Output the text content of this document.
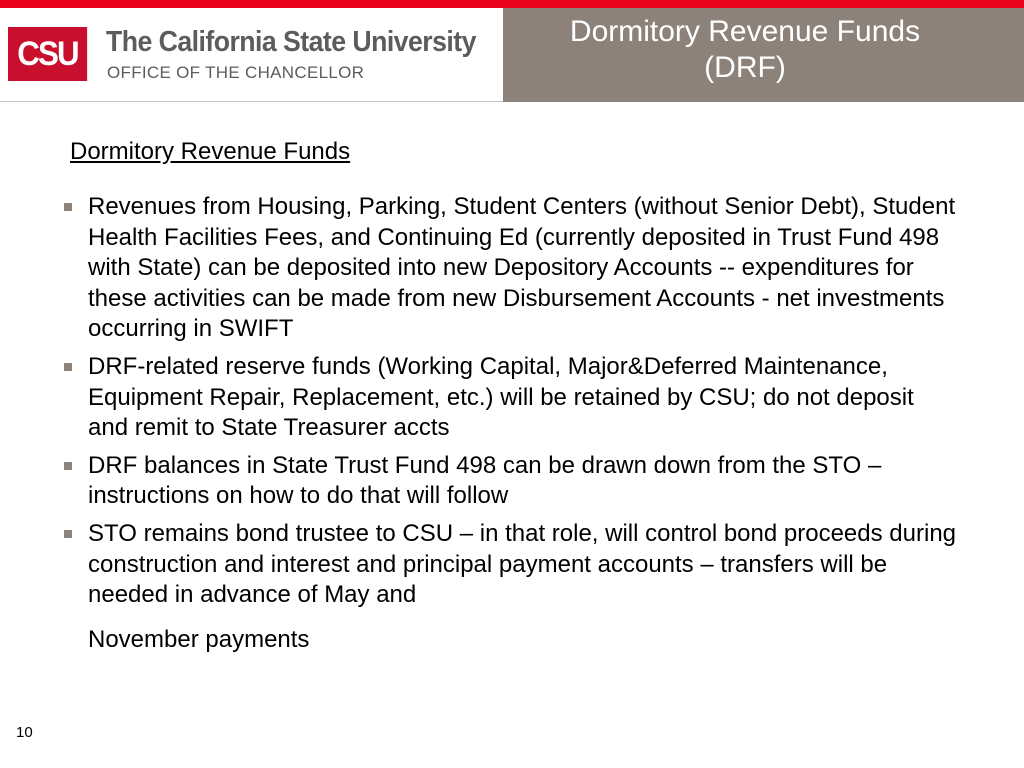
CSU The California State University
OFFICE OF THE CHANCELLOR
Dormitory Revenue Funds
(DRF)
Dormitory Revenue Funds
Revenues from Housing, Parking, Student Centers (without Senior Debt), Student Health Facilities Fees, and Continuing Ed (currently deposited in Trust Fund 498 with State) can be deposited into new Depository Accounts -- expenditures for these activities can be made from new Disbursement Accounts - net investments occurring in SWIFT
DRF-related reserve funds (Working Capital, Major&Deferred Maintenance, Equipment Repair, Replacement, etc.) will be retained by CSU; do not deposit and remit to State Treasurer accts
DRF balances in State Trust Fund 498 can be drawn down from the STO – instructions on how to do that will follow
STO remains bond trustee to CSU – in that role, will control bond proceeds during construction and interest and principal payment accounts – transfers will be needed in advance of May and
November payments
10
